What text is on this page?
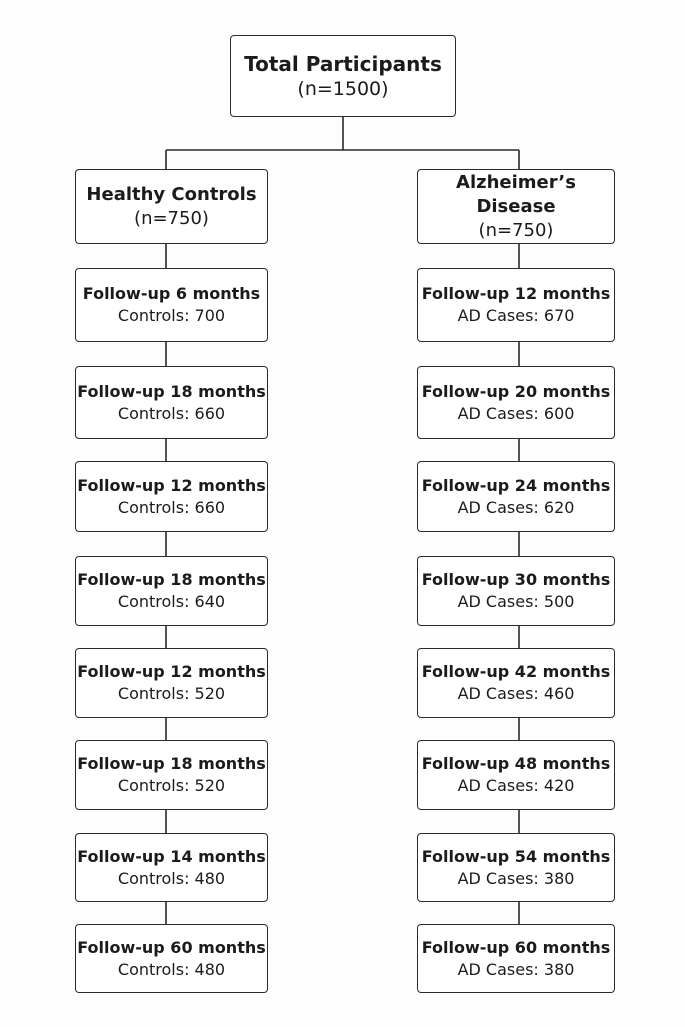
Total Participants
(n=1500)
Healthy Controls
(n=750)
Alzheimer’s Disease
(n=750)
Follow-up 6 months
Controls: 700
Follow-up 18 months
Controls: 660
Follow-up 12 months
Controls: 660
Follow-up 18 months
Controls: 640
Follow-up 12 months
Controls: 520
Follow-up 18 months
Controls: 520
Follow-up 14 months
Controls: 480
Follow-up 60 months
Controls: 480
Follow-up 12 months
AD Cases: 670
Follow-up 20 months
AD Cases: 600
Follow-up 24 months
AD Cases: 620
Follow-up 30 months
AD Cases: 500
Follow-up 42 months
AD Cases: 460
Follow-up 48 months
AD Cases: 420
Follow-up 54 months
AD Cases: 380
Follow-up 60 months
AD Cases: 380
